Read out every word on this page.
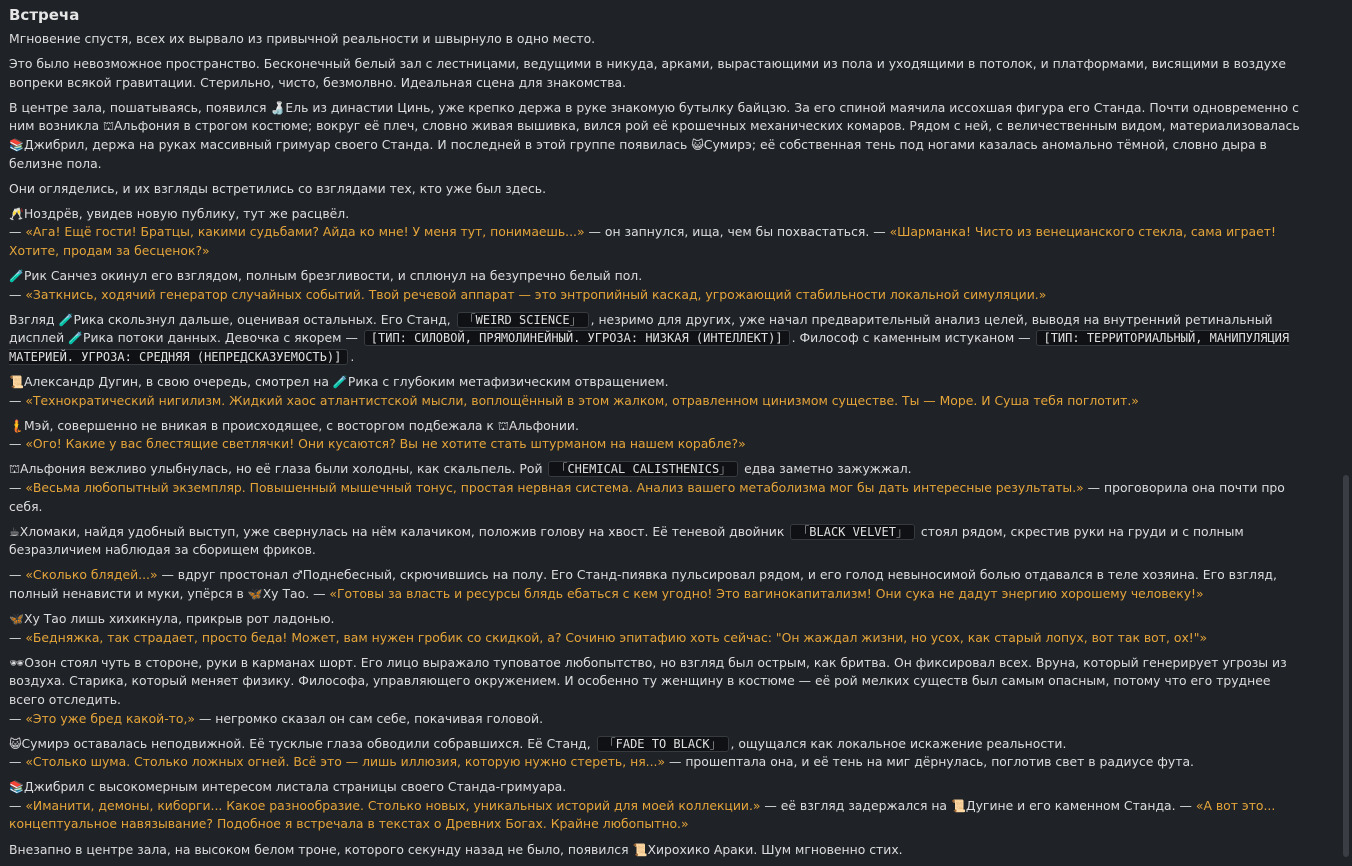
Встреча

Мгновение спустя, всех их вырвало из привычной реальности и швырнуло в одно место.

Это было невозможное пространство. Бесконечный белый зал с лестницами, ведущими в никуда, арками, вырастающими из пола и уходящими в потолок, и платформами, висящими в воздухе вопреки всякой гравитации. Стерильно, чисто, безмолвно. Идеальная сцена для знакомства.

В центре зала, пошатываясь, появился 🍶Ель из династии Цинь, уже крепко держа в руке знакомую бутылку байцзю. За его спиной маячила иссохшая фигура его Станда. Почти одновременно с ним возникла ⛫Альфония в строгом костюме; вокруг её плеч, словно живая вышивка, вился рой её крошечных механических комаров. Рядом с ней, с величественным видом, материализовалась 📚Джибрил, держа на руках массивный гримуар своего Станда. И последней в этой группе появилась 😺Сумирэ; её собственная тень под ногами казалась аномально тёмной, словно дыра в белизне пола.

Они огляделись, и их взгляды встретились со взглядами тех, кто уже был здесь.

🥂Ноздрёв, увидев новую публику, тут же расцвёл.
— «Ага! Ещё гости! Братцы, какими судьбами? Айда ко мне! У меня тут, понимаешь...» — он запнулся, ища, чем бы похвастаться. — «Шарманка! Чисто из венецианского стекла, сама играет! Хотите, продам за бесценок?»

🧪Рик Санчез окинул его взглядом, полным брезгливости, и сплюнул на безупречно белый пол.
— «Заткнись, ходячий генератор случайных событий. Твой речевой аппарат — это энтропийный каскад, угрожающий стабильности локальной симуляции.»

Взгляд 🧪Рика скользнул дальше, оценивая остальных. Его Станд, 「WEIRD SCIENCE」 , незримо для других, уже начал предварительный анализ целей, выводя на внутренний ретинальный дисплей 🧪Рика потоки данных. Девочка с якорем — [ТИП: СИЛОВОЙ, ПРЯМОЛИНЕЙНЫЙ. УГРОЗА: НИЗКАЯ (ИНТЕЛЛЕКТ)] . Философ с каменным истуканом — [ТИП: ТЕРРИТОРИАЛЬНЫЙ, МАНИПУЛЯЦИЯ МАТЕРИЕЙ. УГРОЗА: СРЕДНЯЯ (НЕПРЕДСКАЗУЕМОСТЬ)] .

📜Александр Дугин, в свою очередь, смотрел на 🧪Рика с глубоким метафизическим отвращением.
— «Технократический нигилизм. Жидкий хаос атлантистской мысли, воплощённый в этом жалком, отравленном цинизмом существе. Ты — Море. И Суша тебя поглотит.»

🧜Мэй, совершенно не вникая в происходящее, с восторгом подбежала к ⛫Альфонии.
— «Ого! Какие у вас блестящие светлячки! Они кусаются? Вы не хотите стать штурманом на нашем корабле?»

⛫Альфония вежливо улыбнулась, но её глаза были холодны, как скальпель. Рой 「CHEMICAL CALISTHENICS」 едва заметно зажужжал.
— «Весьма любопытный экземпляр. Повышенный мышечный тонус, простая нервная система. Анализ вашего метаболизма мог бы дать интересные результаты.» — проговорила она почти про себя.

☕Хломаки, найдя удобный выступ, уже свернулась на нём калачиком, положив голову на хвост. Её теневой двойник 「BLACK VELVET」 стоял рядом, скрестив руки на груди и с полным безразличием наблюдая за сборищем фриков.

— «Сколько блядей...» — вдруг простонал ♂Поднебесный, скрючившись на полу. Его Станд-пиявка пульсировал рядом, и его голод невыносимой болью отдавался в теле хозяина. Его взгляд, полный ненависти и муки, упёрся в 🦋Ху Тао. — «Готовы за власть и ресурсы блядь ебаться с кем угодно! Это вагинокапитализм! Они сука не дадут энергию хорошему человеку!»

🦋Ху Тао лишь хихикнула, прикрыв рот ладонью.
— «Бедняжка, так страдает, просто беда! Может, вам нужен гробик со скидкой, а? Сочиню эпитафию хоть сейчас: "Он жаждал жизни, но усох, как старый лопух, вот так вот, ох!"»

🕶Озон стоял чуть в стороне, руки в карманах шорт. Его лицо выражало туповатое любопытство, но взгляд был острым, как бритва. Он фиксировал всех. Вруна, который генерирует угрозы из воздуха. Старика, который меняет физику. Философа, управляющего окружением. И особенно ту женщину в костюме — её рой мелких существ был самым опасным, потому что его труднее всего отследить.
— «Это уже бред какой-то,» — негромко сказал он сам себе, покачивая головой.

😺Сумирэ оставалась неподвижной. Её тусклые глаза обводили собравшихся. Её Станд, 「FADE TO BLACK」 , ощущался как локальное искажение реальности.
— «Столько шума. Столько ложных огней. Всё это — лишь иллюзия, которую нужно стереть, ня...» — прошептала она, и её тень на миг дёрнулась, поглотив свет в радиусе фута.

📚Джибрил с высокомерным интересом листала страницы своего Станда-гримуара.
— «Иманити, демоны, киборги... Какое разнообразие. Столько новых, уникальных историй для моей коллекции.» — её взгляд задержался на 📜Дугине и его каменном Станда. — «А вот это... концептуальное навязывание? Подобное я встречала в текстах о Древних Богах. Крайне любопытно.»

Внезапно в центре зала, на высоком белом троне, которого секунду назад не было, появился 📜Хирохико Араки. Шум мгновенно стих.
